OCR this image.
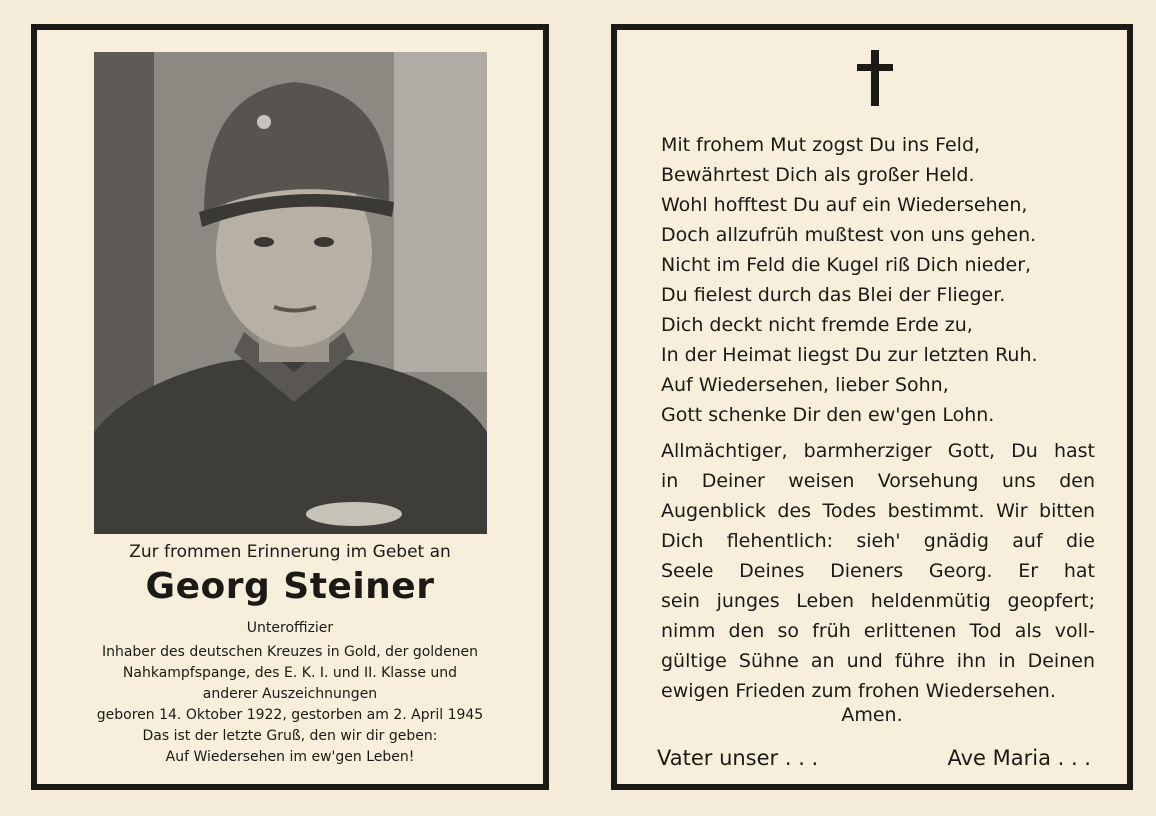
Zur frommen Erinnerung im Gebet an
Georg Steiner
Unteroffizier
Inhaber des deutschen Kreuzes in Gold, der goldenen
Nahkampfspange, des E. K. I. und II. Klasse und
anderer Auszeichnungen
geboren 14. Oktober 1922, gestorben am 2. April 1945
Das ist der letzte Gruß, den wir dir geben:
Auf Wiedersehen im ew'gen Leben!
Mit frohem Mut zogst Du ins Feld,
Bewährtest Dich als großer Held.
Wohl hofftest Du auf ein Wiedersehen,
Doch allzufrüh mußtest von uns gehen.
Nicht im Feld die Kugel riß Dich nieder,
Du fielest durch das Blei der Flieger.
Dich deckt nicht fremde Erde zu,
In der Heimat liegst Du zur letzten Ruh.
Auf Wiedersehen, lieber Sohn,
Gott schenke Dir den ew'gen Lohn.
Allmächtiger, barmherziger Gott, Du hast
in Deiner weisen Vorsehung uns den
Augenblick des Todes bestimmt. Wir bitten
Dich flehentlich: sieh' gnädig auf die
Seele Deines Dieners Georg. Er hat
sein junges Leben heldenmütig geopfert;
nimm den so früh erlittenen Tod als voll-
gültige Sühne an und führe ihn in Deinen
ewigen Frieden zum frohen Wiedersehen.
Amen.
Vater unser . . .	Ave Maria . . .
